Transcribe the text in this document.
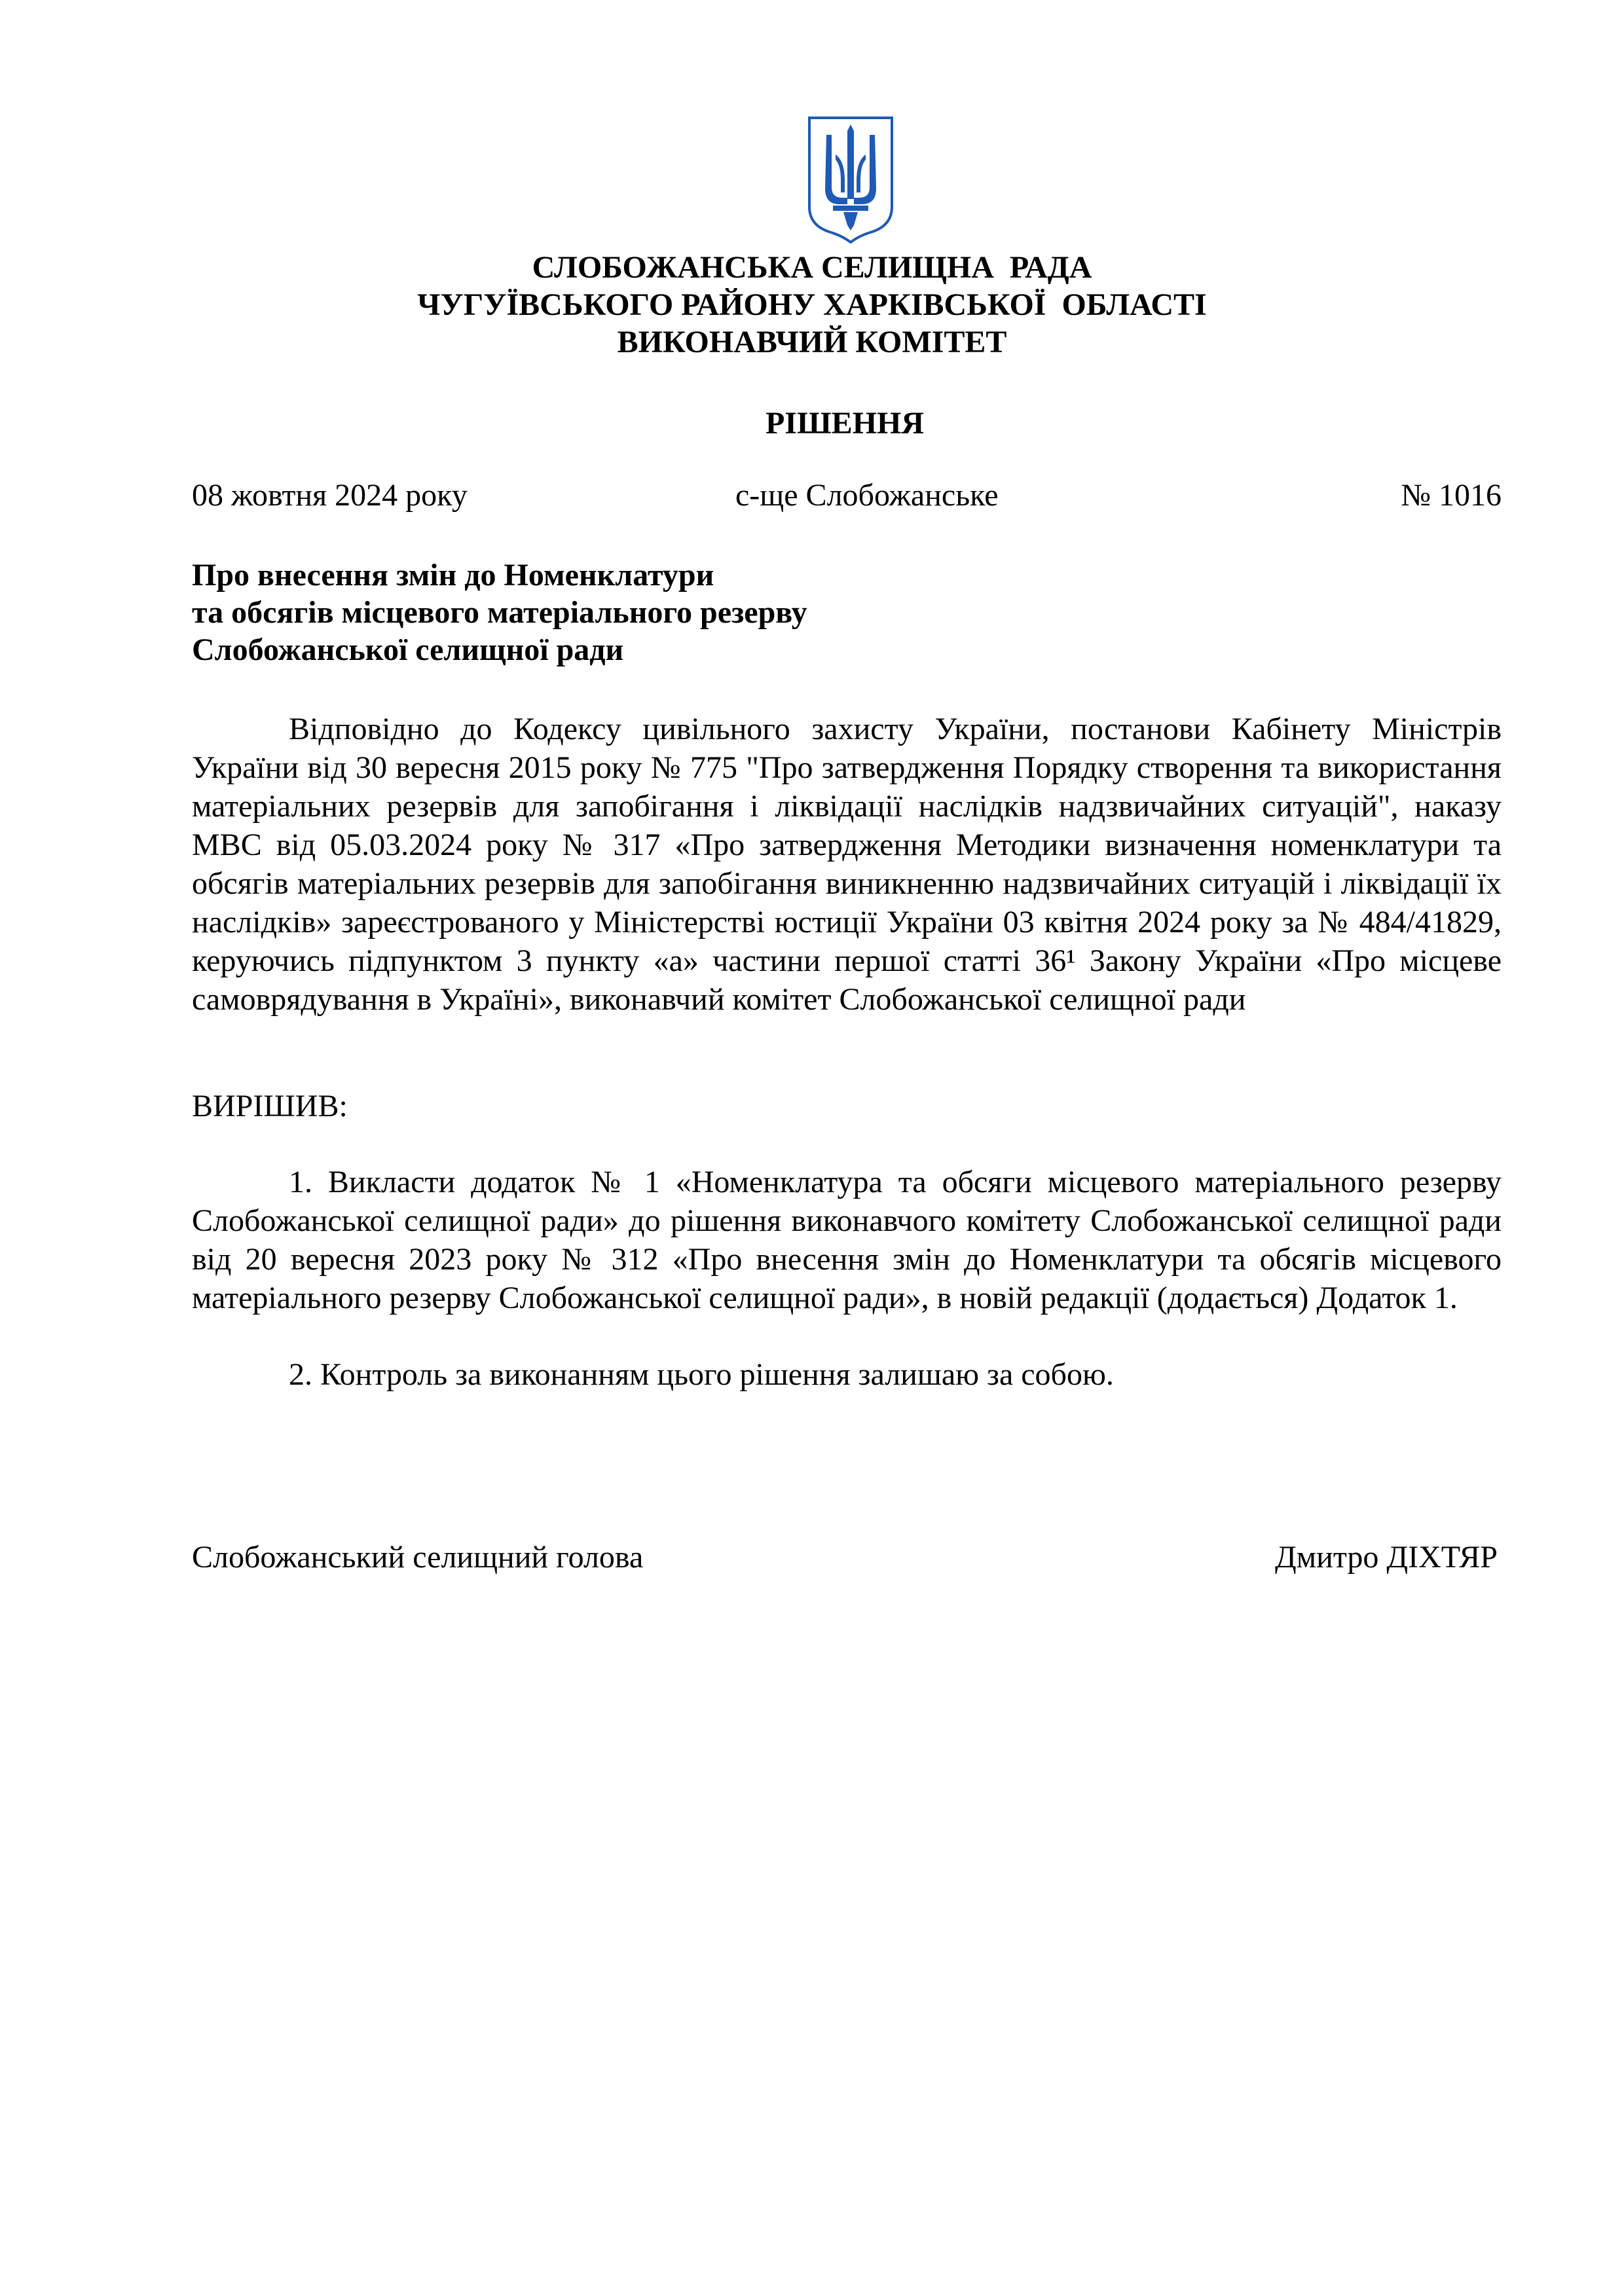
СЛОБОЖАНСЬКА СЕЛИЩНА  РАДА
ЧУГУЇВСЬКОГО РАЙОНУ ХАРКІВСЬКОЇ  ОБЛАСТІ
ВИКОНАВЧИЙ КОМІТЕТ
РІШЕННЯ
08 жовтня 2024 року	с-ще Слобожанське	№ 1016
Про внесення змін до Номенклатури
та обсягів місцевого матеріального резерву
Слобожанської селищної ради

Відповідно до Кодексу цивільного захисту України, постанови Кабінету Міністрів України від 30 вересня 2015 року № 775 "Про затвердження Порядку створення та використання матеріальних резервів для запобігання і ліквідації наслідків надзвичайних ситуацій", наказу МВС від 05.03.2024 року № 317 «Про затвердження Методики визначення номенклатури та обсягів матеріальних резервів для запобігання виникненню надзвичайних ситуацій і ліквідації їх наслідків» зареєстрованого у Міністерстві юстиції України 03 квітня 2024 року за № 484/41829, керуючись підпунктом 3 пункту «а» частини першої статті 36¹ Закону України «Про місцеве самоврядування в Україні», виконавчий комітет Слобожанської селищної ради

ВИРІШИВ:

1. Викласти додаток № 1 «Номенклатура та обсяги місцевого матеріального резерву Слобожанської селищної ради» до рішення виконавчого комітету Слобожанської селищної ради від 20 вересня 2023 року № 312 «Про внесення змін до Номенклатури та обсягів місцевого матеріального резерву Слобожанської селищної ради», в новій редакції (додається) Додаток 1.

2. Контроль за виконанням цього рішення залишаю за собою.

Слобожанський селищний голова	Дмитро ДІХТЯР
